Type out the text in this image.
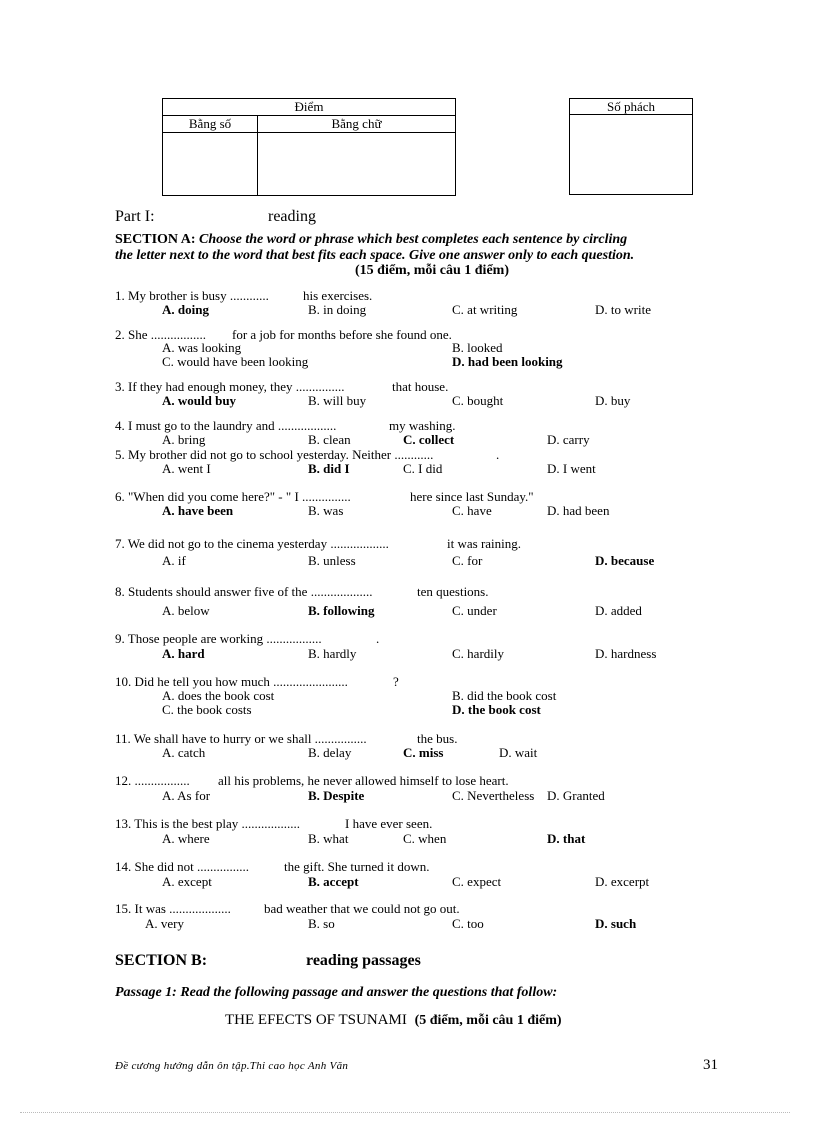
Điểm	
Bằng số	Bằng chữ

Số phách
Part I:	reading
SECTION A: Choose the word or phrase which best completes each sentence by circling
the letter next to the word that best fits each space. Give one answer only to each question.
(15 điểm, mỗi câu 1 điểm)
1. My brother is busy ............	his exercises.
A. doing	B. in doing	C. at writing	D. to write
2. She ................. for a job for months before she found one.
A. was looking	B. looked
C. would have been looking	D. had been looking
3. If they had enough money, they ...............	that house.
A. would buy	B. will buy	C. bought	D. buy
4. I must go to the laundry and ..................	my washing.
A. bring	B. clean	C. collect	D. carry
5. My brother did not go to school yesterday. Neither ............	.
A. went I	B. did I	C. I did	D. I went
6. "When did you come here?" - " I ...............	here since last Sunday."
A. have been	B. was	C. have	D. had been
7. We did not go to the cinema yesterday ..................	it was raining.
A. if	B. unless	C. for	D. because
8. Students should answer five of the ...................	ten questions.
A. below	B. following	C. under	D. added
9. Those people are working .................	.
A. hard	B. hardly	C. hardily	D. hardness
10. Did he tell you how much .......................	?
A. does the book cost	B. did the book cost
C. the book costs	D. the book cost
11. We shall have to hurry or we shall ................	the bus.
A. catch	B. delay	C. miss	D. wait
12. ................. all his problems, he never allowed himself to lose heart.
A. As for	B. Despite	C. Nevertheless D. Granted
13. This is the best play ..................	I have ever seen.
A. where	B. what	C. when	D. that
14. She did not ................	the gift. She turned it down.
A. except	B. accept	C. expect	D. excerpt
15. It was ...................	bad weather that we could not go out.
A. very	B. so	C. too	D. such
SECTION B:	reading passages
Passage 1: Read the following passage and answer the questions that follow:
THE EFECTS OF TSUNAMI (5 điểm, mỗi câu 1 điểm)
Đề cương hướng dẫn ôn tập.Thi cao học Anh Văn	31
